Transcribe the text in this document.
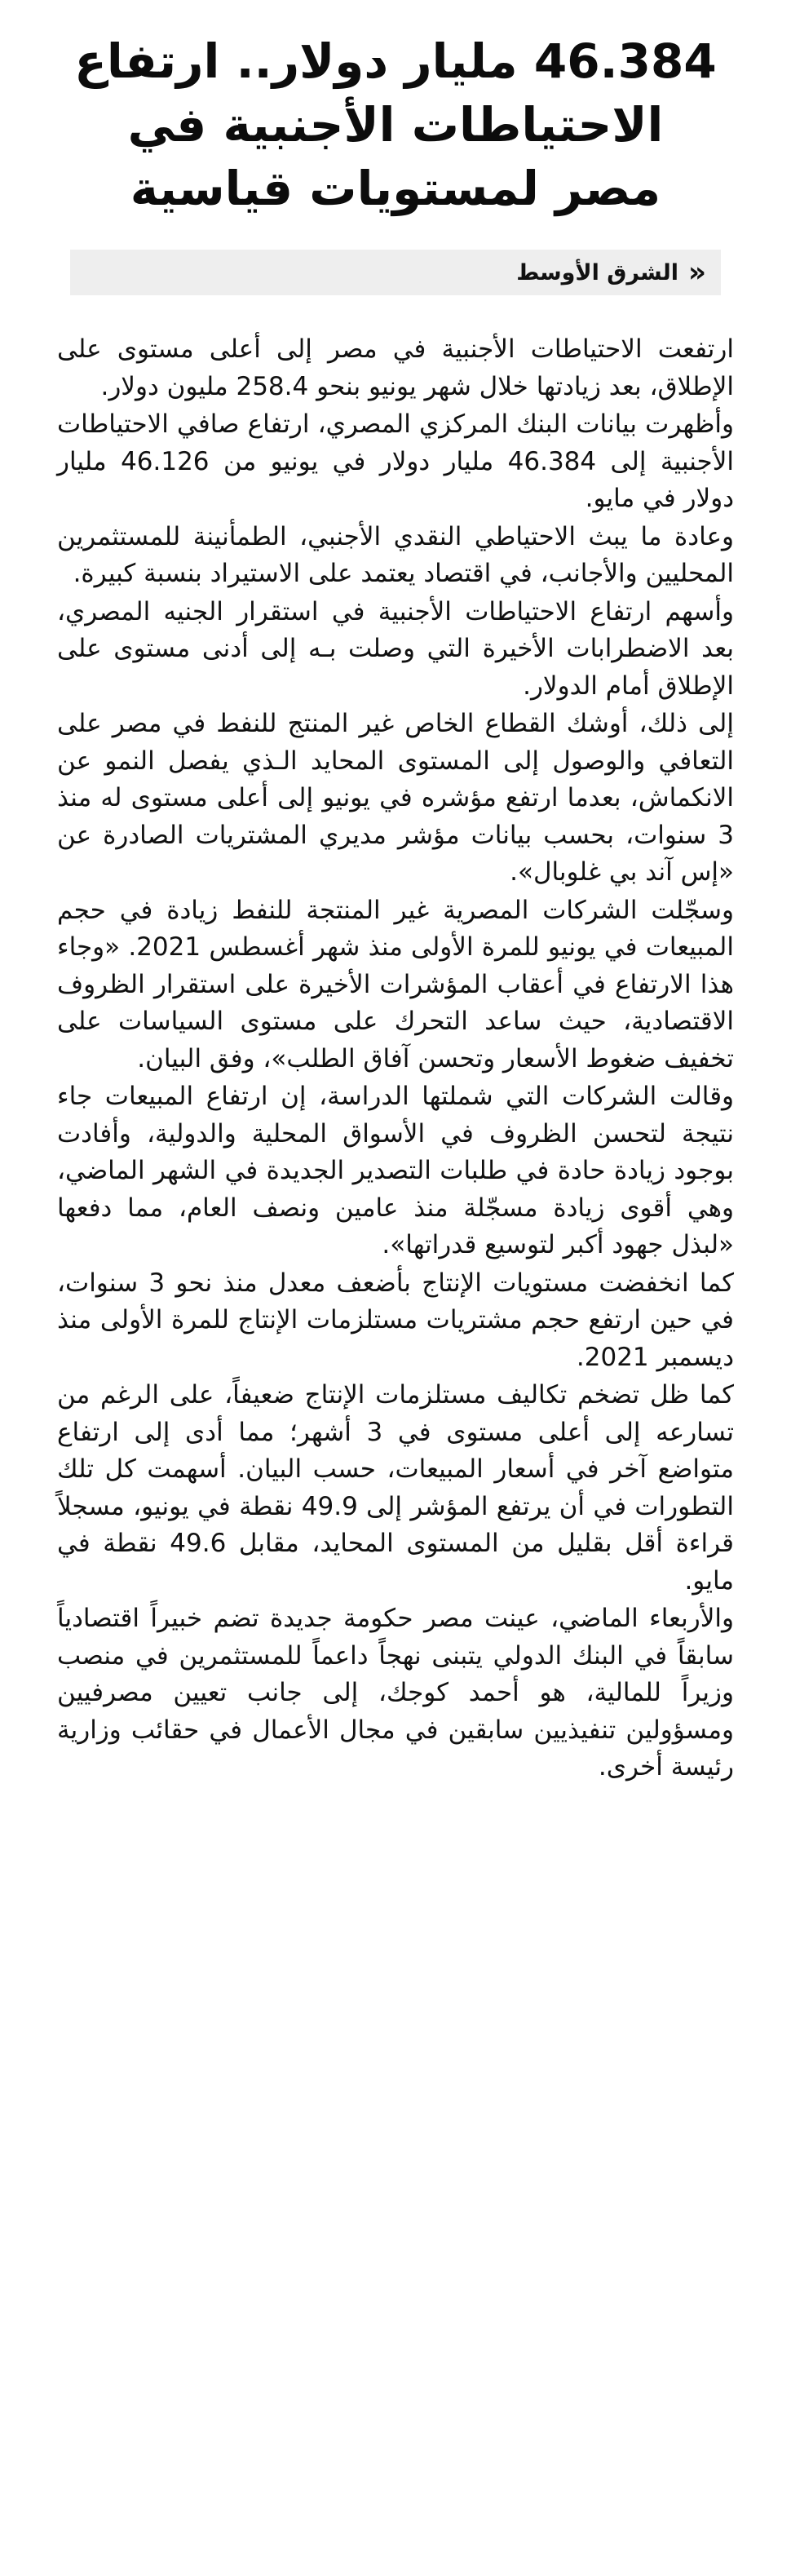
46.384 مليار دولار.. ارتفاع
الاحتياطات الأجنبية في
مصر لمستويات قياسية
«
الشرق الأوسط

ارتفعت الاحتياطات الأجنبية في مصر إلى أعلى مستوى على الإطلاق، بعد زيادتها خلال شهر يونيو بنحو 258.4 مليون دولار.

وأظهرت بيانات البنك المركزي المصري، ارتفاع صافي الاحتياطات الأجنبية إلى 46.384 مليار دولار في يونيو من 46.126 مليار دولار في مايو.

وعادة ما يبث الاحتياطي النقدي الأجنبي، الطمأنينة للمستثمرين المحليين والأجانب، في اقتصاد يعتمد على الاستيراد بنسبة كبيرة.

وأسهم ارتفاع الاحتياطات الأجنبية في استقرار الجنيه المصري، بعد الاضطرابات الأخيرة التي وصلت بـه إلى أدنى مستوى على الإطلاق أمام الدولار.

إلى ذلك، أوشك القطاع الخاص غير المنتج للنفط في مصر على التعافي والوصول إلى المستوى المحايد الـذي يفصل النمو عن الانكماش، بعدما ارتفع مؤشره في يونيو إلى أعلى مستوى له منذ 3 سنوات، بحسب بيانات مؤشر مديري المشتريات الصادرة عن «إس آند بي غلوبال».

وسجّلت الشركات المصرية غير المنتجة للنفط زيادة في حجم المبيعات في يونيو للمرة الأولى منذ شهر أغسطس 2021. «وجاء هذا الارتفاع في أعقاب المؤشرات الأخيرة على استقرار الظروف الاقتصادية، حيث ساعد التحرك على مستوى السياسات على تخفيف ضغوط الأسعار وتحسن آفاق الطلب»، وفق البيان.

وقالت الشركات التي شملتها الدراسة، إن ارتفاع المبيعات جاء نتيجة لتحسن الظروف في الأسواق المحلية والدولية، وأفادت بوجود زيادة حادة في طلبات التصدير الجديدة في الشهر الماضي، وهي أقوى زيادة مسجّلة منذ عامين ونصف العام، مما دفعها «لبذل جهود أكبر لتوسيع قدراتها».

كما انخفضت مستويات الإنتاج بأضعف معدل منذ نحو 3 سنوات، في حين ارتفع حجم مشتريات مستلزمات الإنتاج للمرة الأولى منذ ديسمبر 2021.

كما ظل تضخم تكاليف مستلزمات الإنتاج ضعيفاً، على الرغم من تسارعه إلى أعلى مستوى في 3 أشهر؛ مما أدى إلى ارتفاع متواضع آخر في أسعار المبيعات، حسب البيان. أسهمت كل تلك التطورات في أن يرتفع المؤشر إلى 49.9 نقطة في يونيو، مسجلاً قراءة أقل بقليل من المستوى المحايد، مقابل 49.6 نقطة في مايو.

والأربعاء الماضي، عينت مصر حكومة جديدة تضم خبيراً اقتصادياً سابقاً في البنك الدولي يتبنى نهجاً داعماً للمستثمرين في منصب وزيراً للمالية، هو أحمد كوجك، إلى جانب تعيين مصرفيين ومسؤولين تنفيذيين سابقين في مجال الأعمال في حقائب وزارية رئيسة أخرى.
